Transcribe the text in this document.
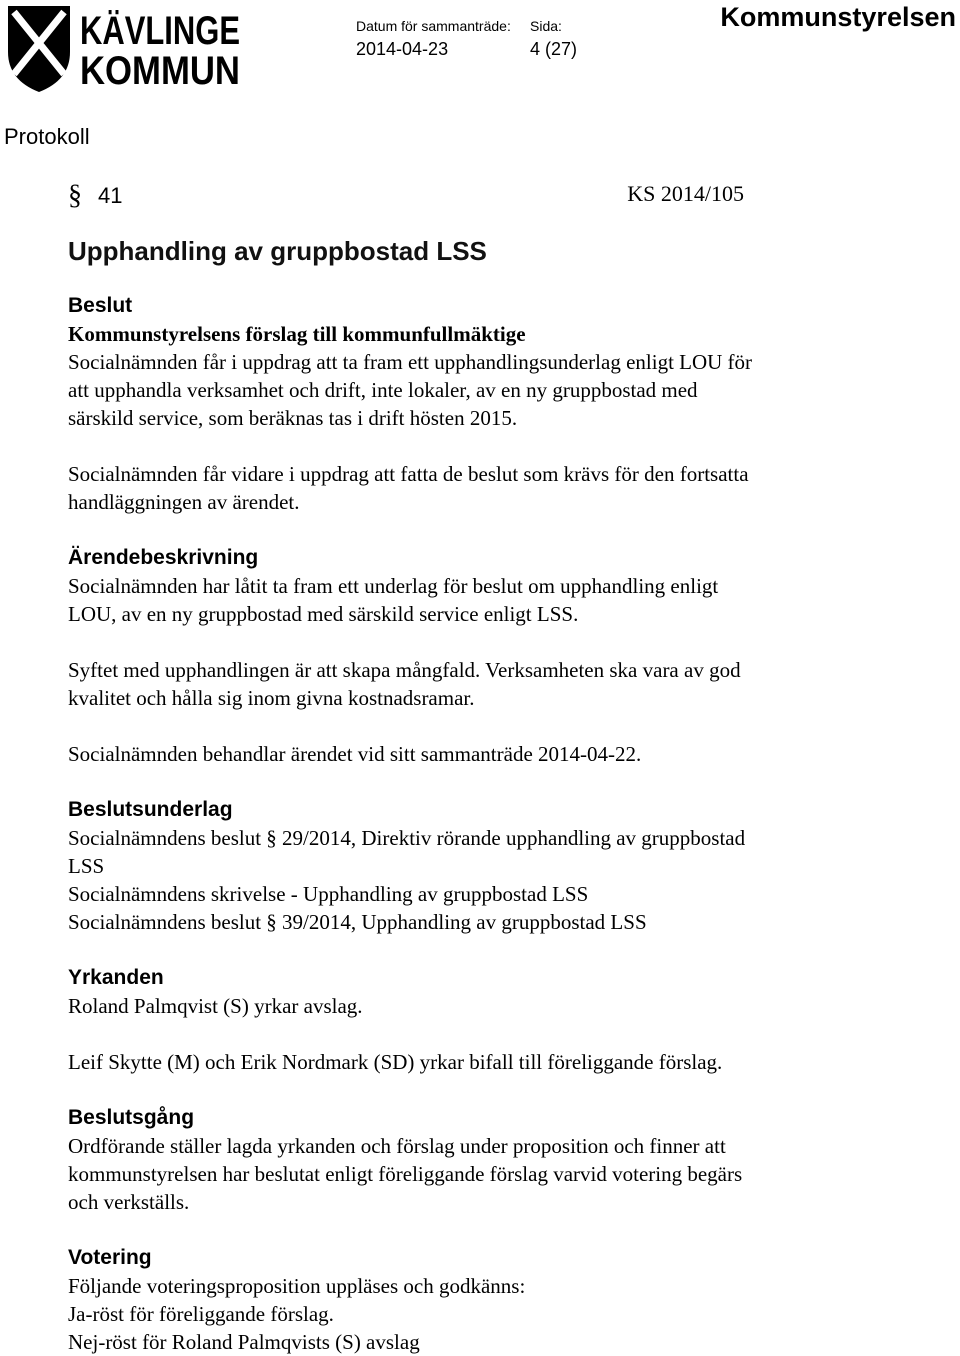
KÄVLINGE
KOMMUN
Datum för sammanträde:
2014-04-23
Sida:
4 (27)
Kommunstyrelsen
Protokoll
§ 41	KS 2014/105
Upphandling av gruppbostad LSS
Beslut

Kommunstyrelsens förslag till kommunfullmäktige

Socialnämnden får i uppdrag att ta fram ett upphandlingsunderlag enligt LOU för

att upphandla verksamhet och drift, inte lokaler, av en ny gruppbostad med

särskild service, som beräknas tas i drift hösten 2015.

Socialnämnden får vidare i uppdrag att fatta de beslut som krävs för den fortsatta

handläggningen av ärendet.

Ärendebeskrivning

Socialnämnden har låtit ta fram ett underlag för beslut om upphandling enligt

LOU, av en ny gruppbostad med särskild service enligt LSS.

Syftet med upphandlingen är att skapa mångfald. Verksamheten ska vara av god

kvalitet och hålla sig inom givna kostnadsramar.

Socialnämnden behandlar ärendet vid sitt sammanträde 2014-04-22.

Beslutsunderlag

Socialnämndens beslut § 29/2014, Direktiv rörande upphandling av gruppbostad

LSS

Socialnämndens skrivelse - Upphandling av gruppbostad LSS

Socialnämndens beslut § 39/2014, Upphandling av gruppbostad LSS

Yrkanden

Roland Palmqvist (S) yrkar avslag.

Leif Skytte (M) och Erik Nordmark (SD) yrkar bifall till föreliggande förslag.

Beslutsgång

Ordförande ställer lagda yrkanden och förslag under proposition och finner att

kommunstyrelsen har beslutat enligt föreliggande förslag varvid votering begärs

och verkställs.

Votering

Följande voteringsproposition uppläses och godkänns:

Ja-röst för föreliggande förslag.

Nej-röst för Roland Palmqvists (S) avslag
